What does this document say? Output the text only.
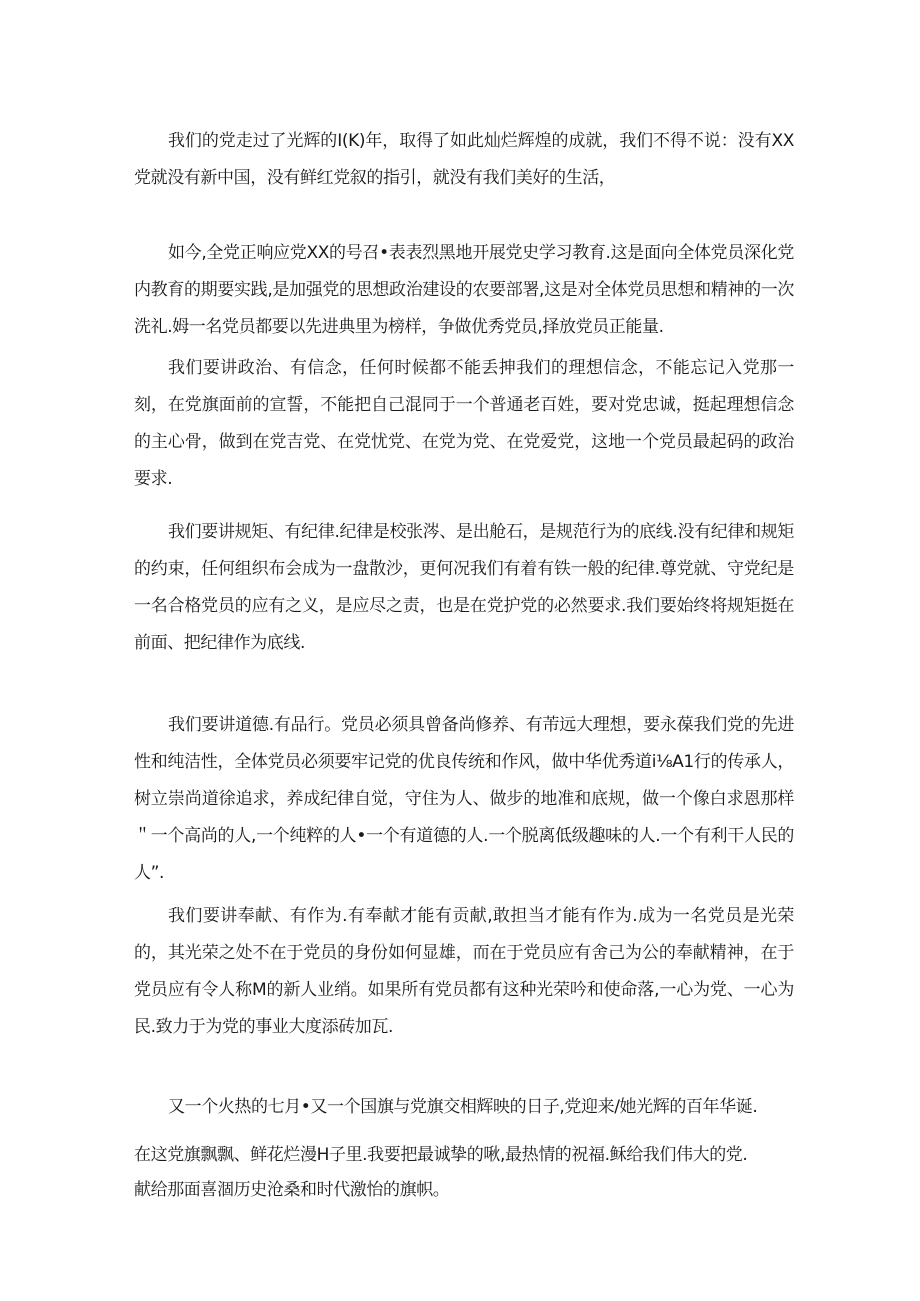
我们的党走过了光辉的I(K)年，取得了如此灿烂辉煌的成就，我们不得不说：没有XX党就没有新中国，没有鲜红党叙的指引，就没有我们美好的生活，

如今,全党正响应党XX的号召•表表烈黑地开展党史学习教育.这是面向全体党员深化党内教育的期要实践,是加强党的思想政治建设的农要部署,这是对全体党员思想和精神的一次洗礼.姆一名党员都要以先进典里为榜样，争做优秀党员,择放党员正能量.

我们要讲政治、有信念，任何时候都不能丢抻我们的理想信念，不能忘记入党那一刻，在党旗面前的宣誓，不能把自己混同于一个普通老百姓，要对党忠诚，挺起理想信念的主心骨，做到在党吉党、在党忧党、在党为党、在党爱党，这地一个党员最起码的政治要求.

我们要讲规矩、有纪律.纪律是校张涔、是出舱石，是规范行为的底线.没有纪律和规矩的约束，任何组织布会成为一盘散沙，更何况我们有着有铁一般的纪律.尊党就、守党纪是一名合格党员的应有之义，是应尽之责，也是在党护党的必然要求.我们要始终将规矩挺在前面、把纪律作为底线.

我们要讲道德.有品行。党员必须具曾备尚修养、有芾远大理想，要永葆我们党的先进性和纯洁性，全体党员必须要牢记党的优良传统和作风，做中华优秀道i⅛A1行的传承人，树立崇尚道徐追求，养成纪律自觉，守住为人、做步的地准和底规，做一个像白求恩那样＂一个高尚的人,一个纯粹的人•一个有道德的人.一个脱离低级趣味的人.一个有利干人民的人”.

我们要讲奉献、有作为.有奉献才能有贡献,敢担当才能有作为.成为一名党员是光荣的，其光荣之处不在于党员的身份如何显雄，而在于党员应有舍己为公的奉献精神，在于党员应有令人称M的新人业绡。如果所有党员都有这种光荣吟和使命落,一心为党、一心为民.致力于为党的事业大度添砖加瓦.

又一个火热的七月•又一个国旗与党旗交相辉映的日子,党迎来/她光辉的百年华诞.

在这党旗飘飘、鲜花烂漫H子里.我要把最诚挚的啾,最热情的祝福.稣给我们伟大的党.

献给那面喜涸历史沧桑和时代激怡的旗帜。
